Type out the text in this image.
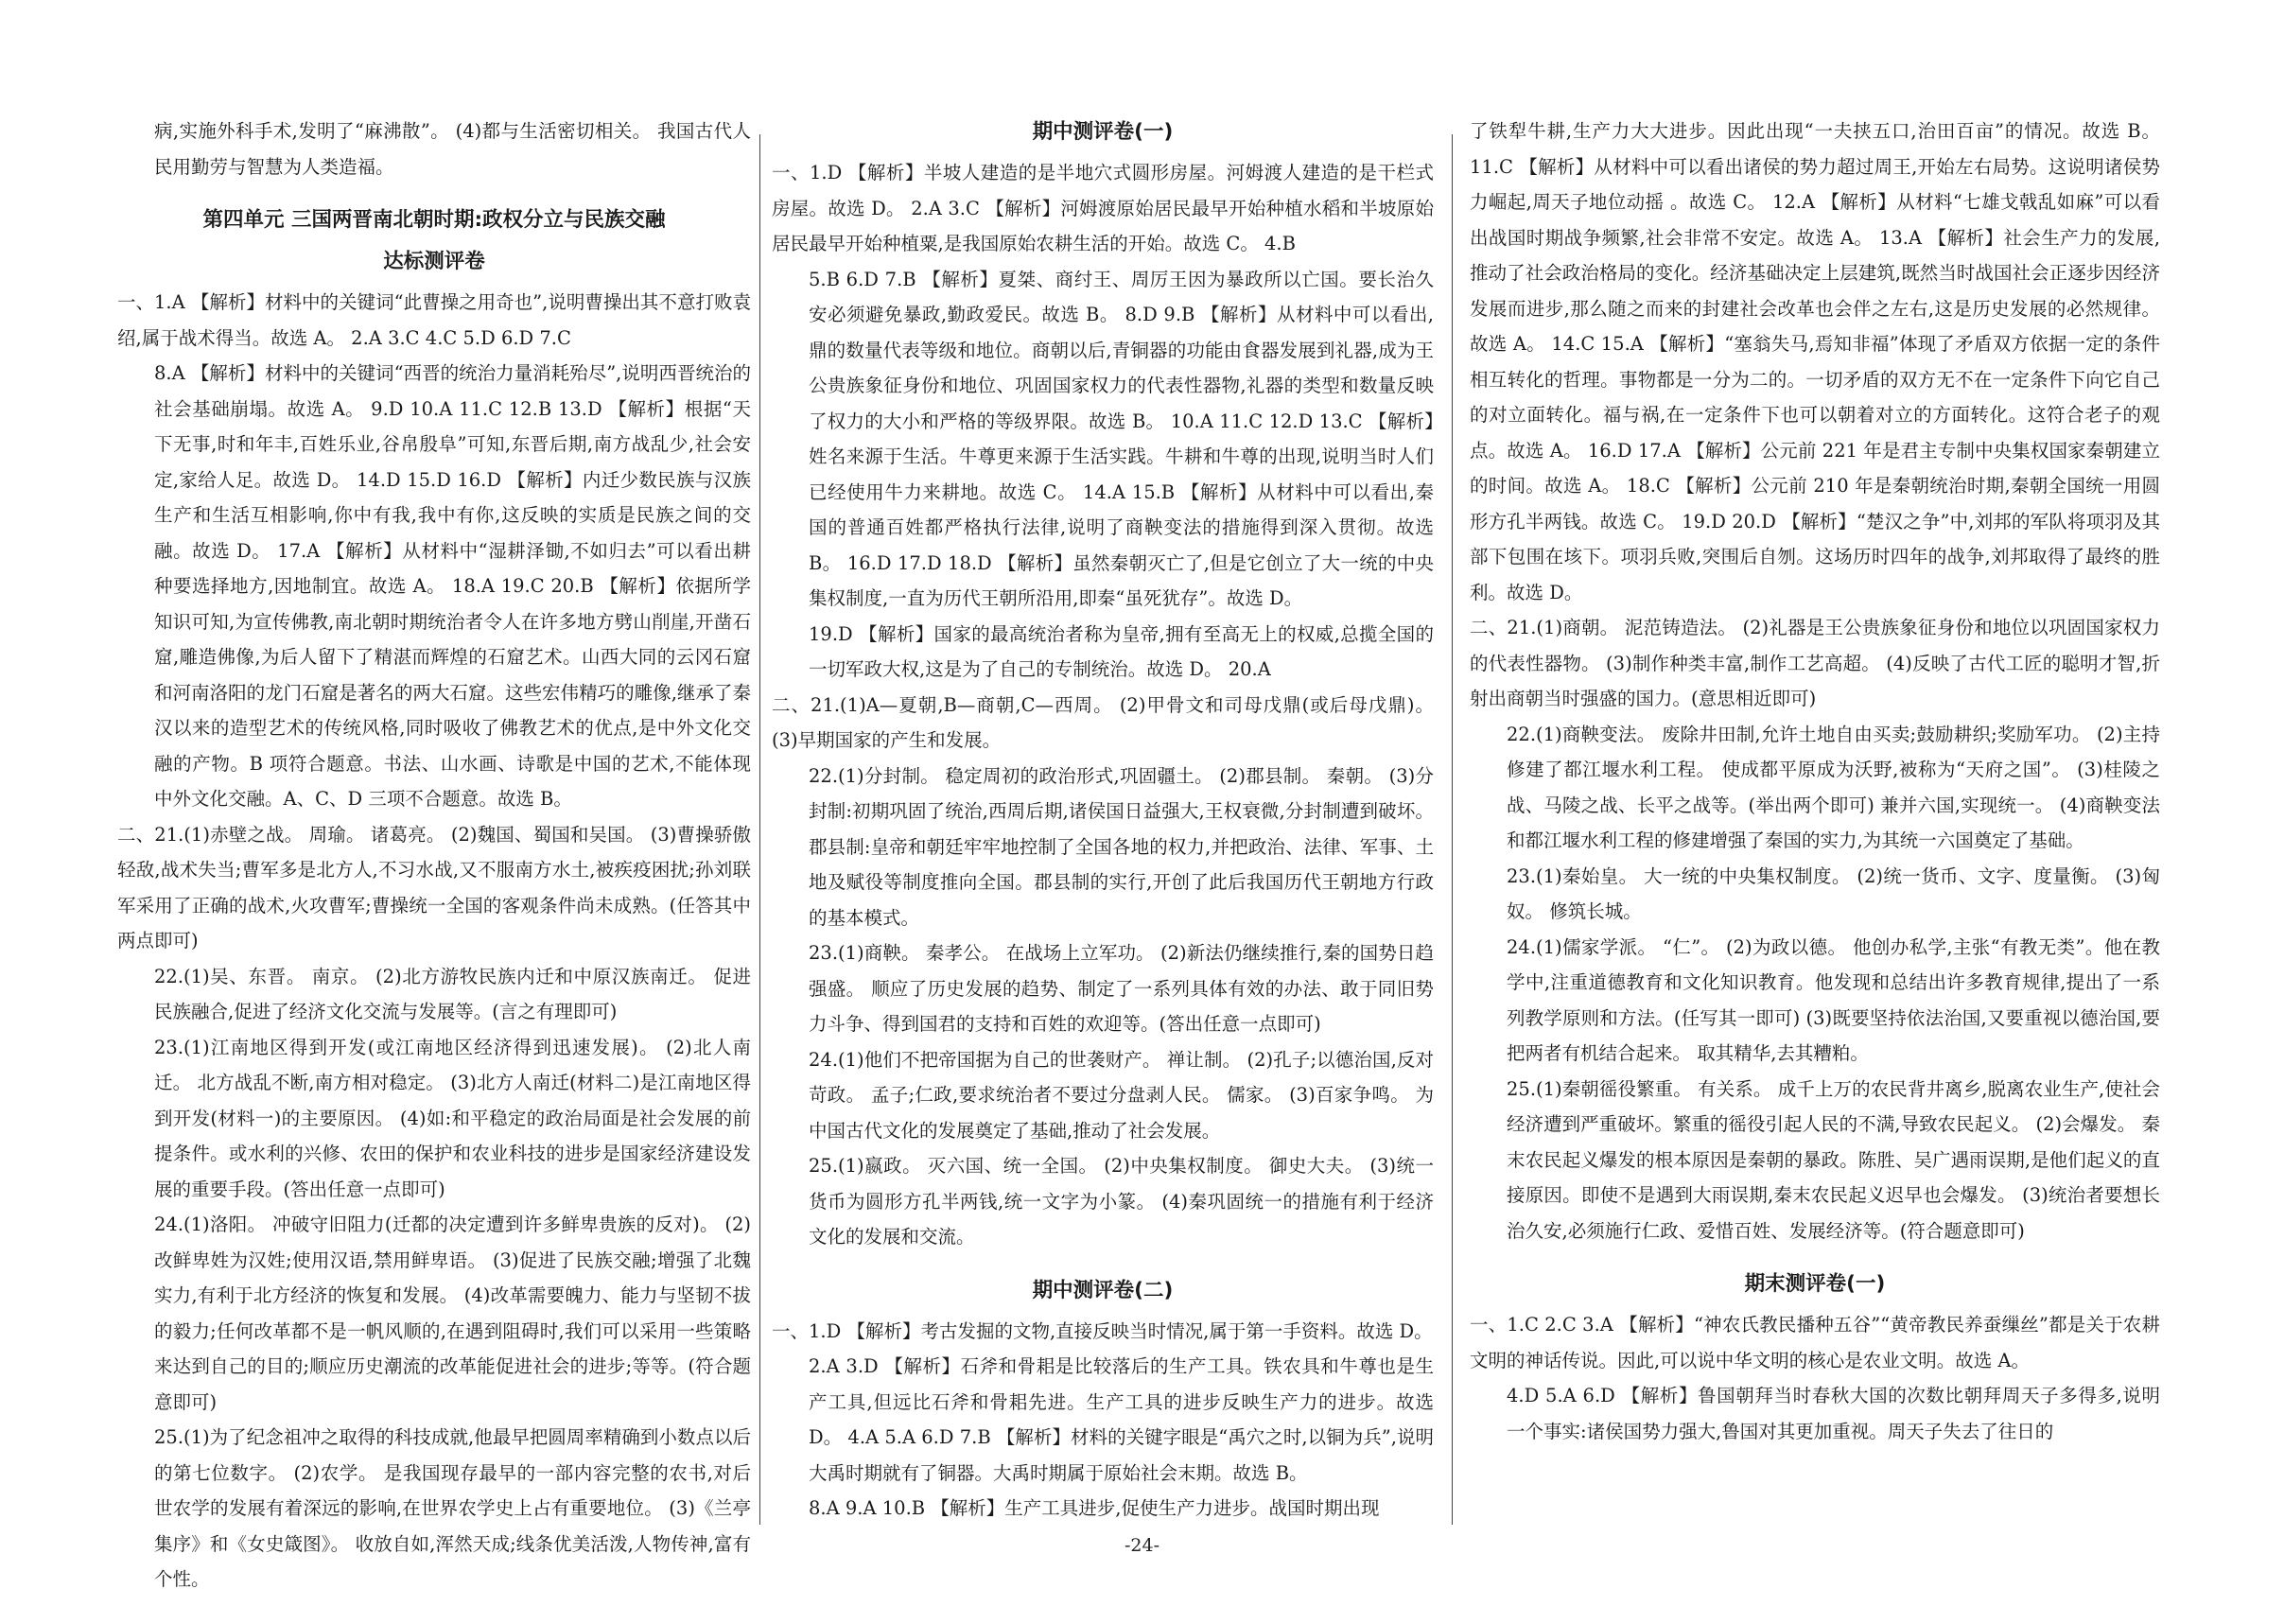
病,实施外科手术,发明了“麻沸散”。 (4)都与生活密切相关。 我国古代人民用勤劳与智慧为人类造福。

第四单元 三国两晋南北朝时期:政权分立与民族交融
达标测评卷

一、1.A 【解析】材料中的关键词“此曹操之用奇也”,说明曹操出其不意打败袁绍,属于战术得当。故选 A。 2.A 3.C 4.C 5.D 6.D 7.C

8.A 【解析】材料中的关键词“西晋的统治力量消耗殆尽”,说明西晋统治的社会基础崩塌。故选 A。 9.D 10.A 11.C 12.B 13.D 【解析】根据“天下无事,时和年丰,百姓乐业,谷帛殷阜”可知,东晋后期,南方战乱少,社会安定,家给人足。故选 D。 14.D 15.D 16.D 【解析】内迁少数民族与汉族生产和生活互相影响,你中有我,我中有你,这反映的实质是民族之间的交融。故选 D。 17.A 【解析】从材料中“湿耕泽锄,不如归去”可以看出耕种要选择地方,因地制宜。故选 A。 18.A 19.C 20.B 【解析】依据所学知识可知,为宣传佛教,南北朝时期统治者令人在许多地方劈山削崖,开凿石窟,雕造佛像,为后人留下了精湛而辉煌的石窟艺术。山西大同的云冈石窟和河南洛阳的龙门石窟是著名的两大石窟。这些宏伟精巧的雕像,继承了秦汉以来的造型艺术的传统风格,同时吸收了佛教艺术的优点,是中外文化交融的产物。B 项符合题意。书法、山水画、诗歌是中国的艺术,不能体现中外文化交融。A、C、D 三项不合题意。故选 B。

二、21.(1)赤壁之战。 周瑜。 诸葛亮。 (2)魏国、蜀国和吴国。 (3)曹操骄傲轻敌,战术失当;曹军多是北方人,不习水战,又不服南方水土,被疾疫困扰;孙刘联军采用了正确的战术,火攻曹军;曹操统一全国的客观条件尚未成熟。(任答其中两点即可)

22.(1)吴、东晋。 南京。 (2)北方游牧民族内迁和中原汉族南迁。 促进民族融合,促进了经济文化交流与发展等。(言之有理即可)

23.(1)江南地区得到开发(或江南地区经济得到迅速发展)。 (2)北人南迁。 北方战乱不断,南方相对稳定。 (3)北方人南迁(材料二)是江南地区得到开发(材料一)的主要原因。 (4)如:和平稳定的政治局面是社会发展的前提条件。或水利的兴修、农田的保护和农业科技的进步是国家经济建设发展的重要手段。(答出任意一点即可)

24.(1)洛阳。 冲破守旧阻力(迁都的决定遭到许多鲜卑贵族的反对)。 (2)改鲜卑姓为汉姓;使用汉语,禁用鲜卑语。 (3)促进了民族交融;增强了北魏实力,有利于北方经济的恢复和发展。 (4)改革需要魄力、能力与坚韧不拔的毅力;任何改革都不是一帆风顺的,在遇到阻碍时,我们可以采用一些策略来达到自己的目的;顺应历史潮流的改革能促进社会的进步;等等。(符合题意即可)

25.(1)为了纪念祖冲之取得的科技成就,他最早把圆周率精确到小数点以后的第七位数字。 (2)农学。 是我国现存最早的一部内容完整的农书,对后世农学的发展有着深远的影响,在世界农学史上占有重要地位。 (3)《兰亭集序》和《女史箴图》。 收放自如,浑然天成;线条优美活泼,人物传神,富有个性。

期中测评卷(一)

一、1.D 【解析】半坡人建造的是半地穴式圆形房屋。河姆渡人建造的是干栏式房屋。故选 D。 2.A 3.C 【解析】河姆渡原始居民最早开始种植水稻和半坡原始居民最早开始种植粟,是我国原始农耕生活的开始。故选 C。 4.B

5.B 6.D 7.B 【解析】夏桀、商纣王、周厉王因为暴政所以亡国。要长治久安必须避免暴政,勤政爱民。故选 B。 8.D 9.B 【解析】从材料中可以看出,鼎的数量代表等级和地位。商朝以后,青铜器的功能由食器发展到礼器,成为王公贵族象征身份和地位、巩固国家权力的代表性器物,礼器的类型和数量反映了权力的大小和严格的等级界限。故选 B。 10.A 11.C 12.D 13.C 【解析】姓名来源于生活。牛尊更来源于生活实践。牛耕和牛尊的出现,说明当时人们已经使用牛力来耕地。故选 C。 14.A 15.B 【解析】从材料中可以看出,秦国的普通百姓都严格执行法律,说明了商鞅变法的措施得到深入贯彻。故选 B。 16.D 17.D 18.D 【解析】虽然秦朝灭亡了,但是它创立了大一统的中央集权制度,一直为历代王朝所沿用,即秦“虽死犹存”。故选 D。

19.D 【解析】国家的最高统治者称为皇帝,拥有至高无上的权威,总揽全国的一切军政大权,这是为了自己的专制统治。故选 D。 20.A

二、21.(1)A—夏朝,B—商朝,C—西周。 (2)甲骨文和司母戊鼎(或后母戊鼎)。 (3)早期国家的产生和发展。

22.(1)分封制。 稳定周初的政治形式,巩固疆土。 (2)郡县制。 秦朝。 (3)分封制:初期巩固了统治,西周后期,诸侯国日益强大,王权衰微,分封制遭到破坏。郡县制:皇帝和朝廷牢牢地控制了全国各地的权力,并把政治、法律、军事、土地及赋役等制度推向全国。郡县制的实行,开创了此后我国历代王朝地方行政的基本模式。

23.(1)商鞅。 秦孝公。 在战场上立军功。 (2)新法仍继续推行,秦的国势日趋强盛。 顺应了历史发展的趋势、制定了一系列具体有效的办法、敢于同旧势力斗争、得到国君的支持和百姓的欢迎等。(答出任意一点即可)

24.(1)他们不把帝国据为自己的世袭财产。 禅让制。 (2)孔子;以德治国,反对苛政。 孟子;仁政,要求统治者不要过分盘剥人民。 儒家。 (3)百家争鸣。 为中国古代文化的发展奠定了基础,推动了社会发展。

25.(1)嬴政。 灭六国、统一全国。 (2)中央集权制度。 御史大夫。 (3)统一货币为圆形方孔半两钱,统一文字为小篆。 (4)秦巩固统一的措施有利于经济文化的发展和交流。

期中测评卷(二)

一、1.D 【解析】考古发掘的文物,直接反映当时情况,属于第一手资料。故选 D。

2.A 3.D 【解析】石斧和骨耜是比较落后的生产工具。铁农具和牛尊也是生产工具,但远比石斧和骨耜先进。生产工具的进步反映生产力的进步。故选 D。 4.A 5.A 6.D 7.B 【解析】材料的关键字眼是“禹穴之时,以铜为兵”,说明大禹时期就有了铜器。大禹时期属于原始社会末期。故选 B。

8.A 9.A 10.B 【解析】生产工具进步,促使生产力进步。战国时期出现

了铁犁牛耕,生产力大大进步。因此出现“一夫挟五口,治田百亩”的情况。故选 B。 11.C 【解析】从材料中可以看出诸侯的势力超过周王,开始左右局势。这说明诸侯势力崛起,周天子地位动摇 。故选 C。 12.A 【解析】从材料“七雄戈戟乱如麻”可以看出战国时期战争频繁,社会非常不安定。故选 A。 13.A 【解析】社会生产力的发展,推动了社会政治格局的变化。经济基础决定上层建筑,既然当时战国社会正逐步因经济发展而进步,那么随之而来的封建社会改革也会伴之左右,这是历史发展的必然规律。故选 A。 14.C 15.A 【解析】“塞翁失马,焉知非福”体现了矛盾双方依据一定的条件相互转化的哲理。事物都是一分为二的。一切矛盾的双方无不在一定条件下向它自己的对立面转化。福与祸,在一定条件下也可以朝着对立的方面转化。这符合老子的观点。故选 A。 16.D 17.A 【解析】公元前 221 年是君主专制中央集权国家秦朝建立的时间。故选 A。 18.C 【解析】公元前 210 年是秦朝统治时期,秦朝全国统一用圆形方孔半两钱。故选 C。 19.D 20.D 【解析】“楚汉之争”中,刘邦的军队将项羽及其部下包围在垓下。项羽兵败,突围后自刎。这场历时四年的战争,刘邦取得了最终的胜利。故选 D。

二、21.(1)商朝。 泥范铸造法。 (2)礼器是王公贵族象征身份和地位以巩固国家权力的代表性器物。 (3)制作种类丰富,制作工艺高超。 (4)反映了古代工匠的聪明才智,折射出商朝当时强盛的国力。(意思相近即可)

22.(1)商鞅变法。 废除井田制,允许土地自由买卖;鼓励耕织;奖励军功。 (2)主持修建了都江堰水利工程。 使成都平原成为沃野,被称为“天府之国”。 (3)桂陵之战、马陵之战、长平之战等。(举出两个即可) 兼并六国,实现统一。 (4)商鞅变法和都江堰水利工程的修建增强了秦国的实力,为其统一六国奠定了基础。

23.(1)秦始皇。 大一统的中央集权制度。 (2)统一货币、文字、度量衡。 (3)匈奴。 修筑长城。

24.(1)儒家学派。 “仁”。 (2)为政以德。 他创办私学,主张“有教无类”。他在教学中,注重道德教育和文化知识教育。他发现和总结出许多教育规律,提出了一系列教学原则和方法。(任写其一即可) (3)既要坚持依法治国,又要重视以德治国,要把两者有机结合起来。 取其精华,去其糟粕。

25.(1)秦朝徭役繁重。 有关系。 成千上万的农民背井离乡,脱离农业生产,使社会经济遭到严重破坏。繁重的徭役引起人民的不满,导致农民起义。 (2)会爆发。 秦末农民起义爆发的根本原因是秦朝的暴政。陈胜、吴广遇雨误期,是他们起义的直接原因。即使不是遇到大雨误期,秦末农民起义迟早也会爆发。 (3)统治者要想长治久安,必须施行仁政、爱惜百姓、发展经济等。(符合题意即可)

期末测评卷(一)

一、1.C 2.C 3.A 【解析】“神农氏教民播种五谷”“黄帝教民养蚕缫丝”都是关于农耕文明的神话传说。因此,可以说中华文明的核心是农业文明。故选 A。

4.D 5.A 6.D 【解析】鲁国朝拜当时春秋大国的次数比朝拜周天子多得多,说明一个事实:诸侯国势力强大,鲁国对其更加重视。周天子失去了往日的

-24-
